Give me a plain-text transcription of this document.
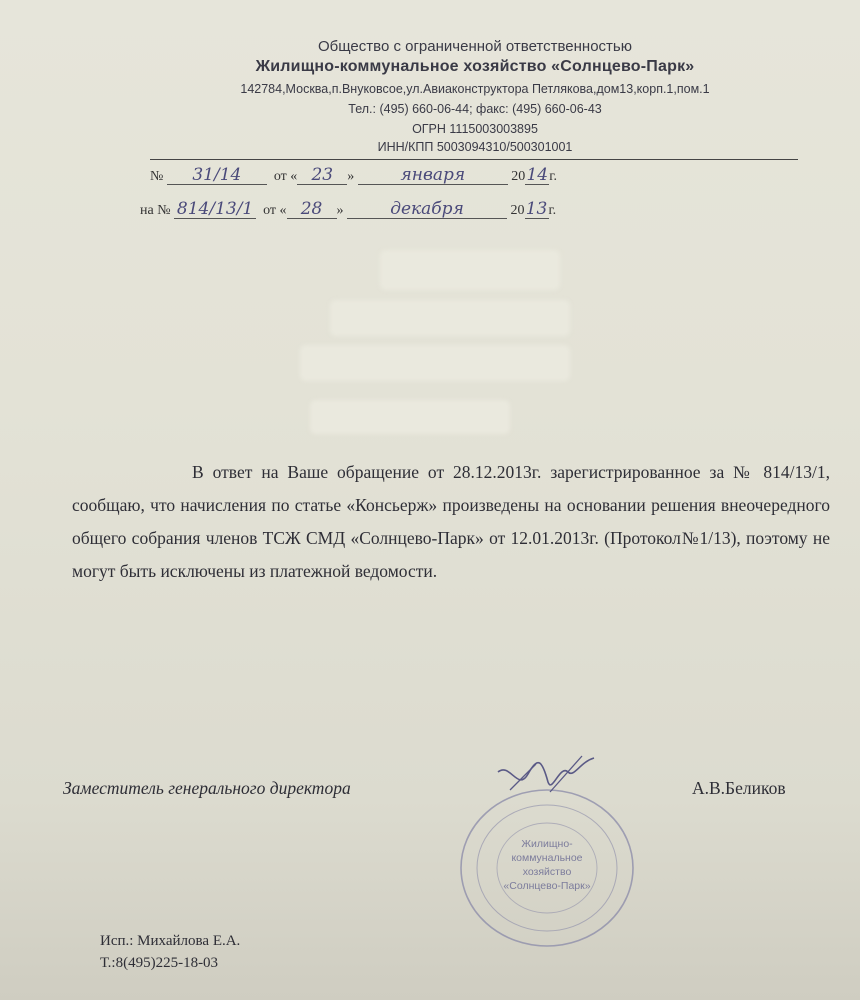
Общество с ограниченной ответственностью
Жилищно-коммунальное хозяйство «Солнцево-Парк»
142784,Москва,п.Внуковсое,ул.Авиаконструктора Петлякова,дом13,корп.1,пом.1
Тел.: (495) 660-06-44; факс: (495) 660-06-43
ОГРН 1115003003895
ИНН/КПП 5003094310/500301001
№ 31/14 от « 23 »	января	2014г.
на № 814/13/1 от « 28 »	декабря	2013г.

В ответ на Ваше обращение от 28.12.2013г. зарегистрированное за № 814/13/1, сообщаю, что начисления по статье «Консьерж» произведены на основании решения внеочередного общего собрания членов ТСЖ СМД «Солнцево-Парк» от 12.01.2013г. (Протокол№1/13), поэтому не могут быть исключены из платежной ведомости.

Заместитель генерального директора	А.В.Беликов
Жилищно-
коммунальное
хозяйство
«Солнцево-Парк»
Исп.: Михайлова Е.А.
Т.:8(495)225-18-03
